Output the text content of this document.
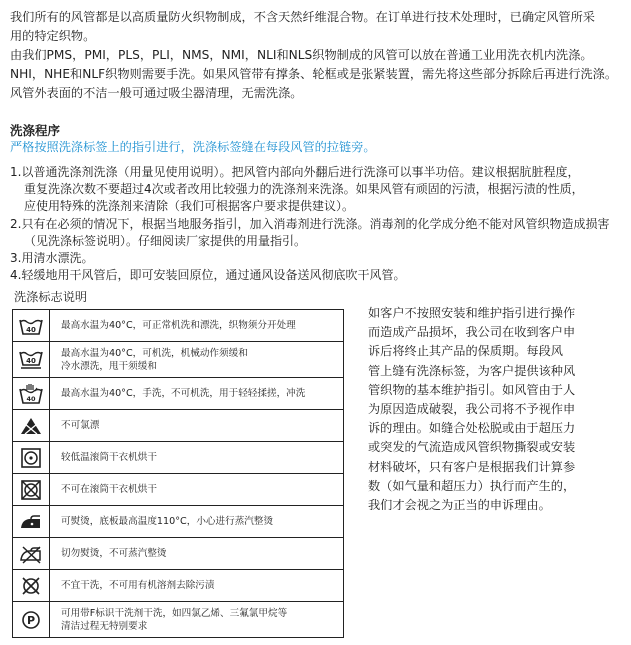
我们所有的风管都是以高质量防火织物制成，不含天然纤维混合物。在订单进行技术处理时，已确定风管所采

用的特定织物。

由我们PMS，PMI，PLS，PLI，NMS，NMI，NLI和NLS织物制成的风管可以放在普通工业用洗衣机内洗涤。

NHI，NHE和NLF织物则需要手洗。如果风管带有撑条、轮框或是张紧装置，需先将这些部分拆除后再进行洗涤。

风管外表面的不洁一般可通过吸尘器清理，无需洗涤。

洗涤程序
严格按照洗涤标签上的指引进行，洗涤标签缝在每段风管的拉链旁。

1.以普通洗涤剂洗涤（用量见使用说明）。把风管内部向外翻后进行洗涤可以事半功倍。建议根据肮脏程度，

重复洗涤次数不要超过4次或者改用比较强力的洗涤剂来洗涤。如果风管有顽固的污渍，根据污渍的性质，

应使用特殊的洗涤剂来清除（我们可根据客户要求提供建议）。

2.只有在必须的情况下，根据当地服务指引，加入消毒剂进行洗涤。消毒剂的化学成分绝不能对风管织物造成损害

（见洗涤标签说明）。仔细阅读厂家提供的用量指引。

3.用清水漂洗。

4.轻缓地用干风管后，即可安装回原位，通过通风设备送风彻底吹干风管。

洗涤标志说明
40	最高水温为40°C，可正常机洗和漂洗，织物须分开处理

40	最高水温为40°C，可机洗，机械动作须缓和
冷水漂洗，甩干须缓和

40	最高水温为40°C，手洗，不可机洗，用于轻轻揉搓，冲洗

	不可氯漂

	较低温滚筒干衣机烘干

	不可在滚筒干衣机烘干

	可熨烫，底板最高温度110°C，小心进行蒸汽整烫

	切勿熨烫，不可蒸汽整烫

	不宜干洗，不可用有机溶剂去除污渍

P	可用带F标识干洗剂干洗，如四氯乙烯、三氟氯甲烷等
清洁过程无特别要求
如客户不按照安装和维护指引进行操作
而造成产品损坏，我公司在收到客户申
诉后将终止其产品的保质期。每段风
管上缝有洗涤标签，为客户提供该种风
管织物的基本维护指引。如风管由于人
为原因造成破裂，我公司将不予视作申
诉的理由。如缝合处松脱或由于超压力
或突发的气流造成风管织物撕裂或安装
材料破坏，只有客户是根据我们计算参
数（如气量和超压力）执行而产生的，
我们才会视之为正当的申诉理由。
